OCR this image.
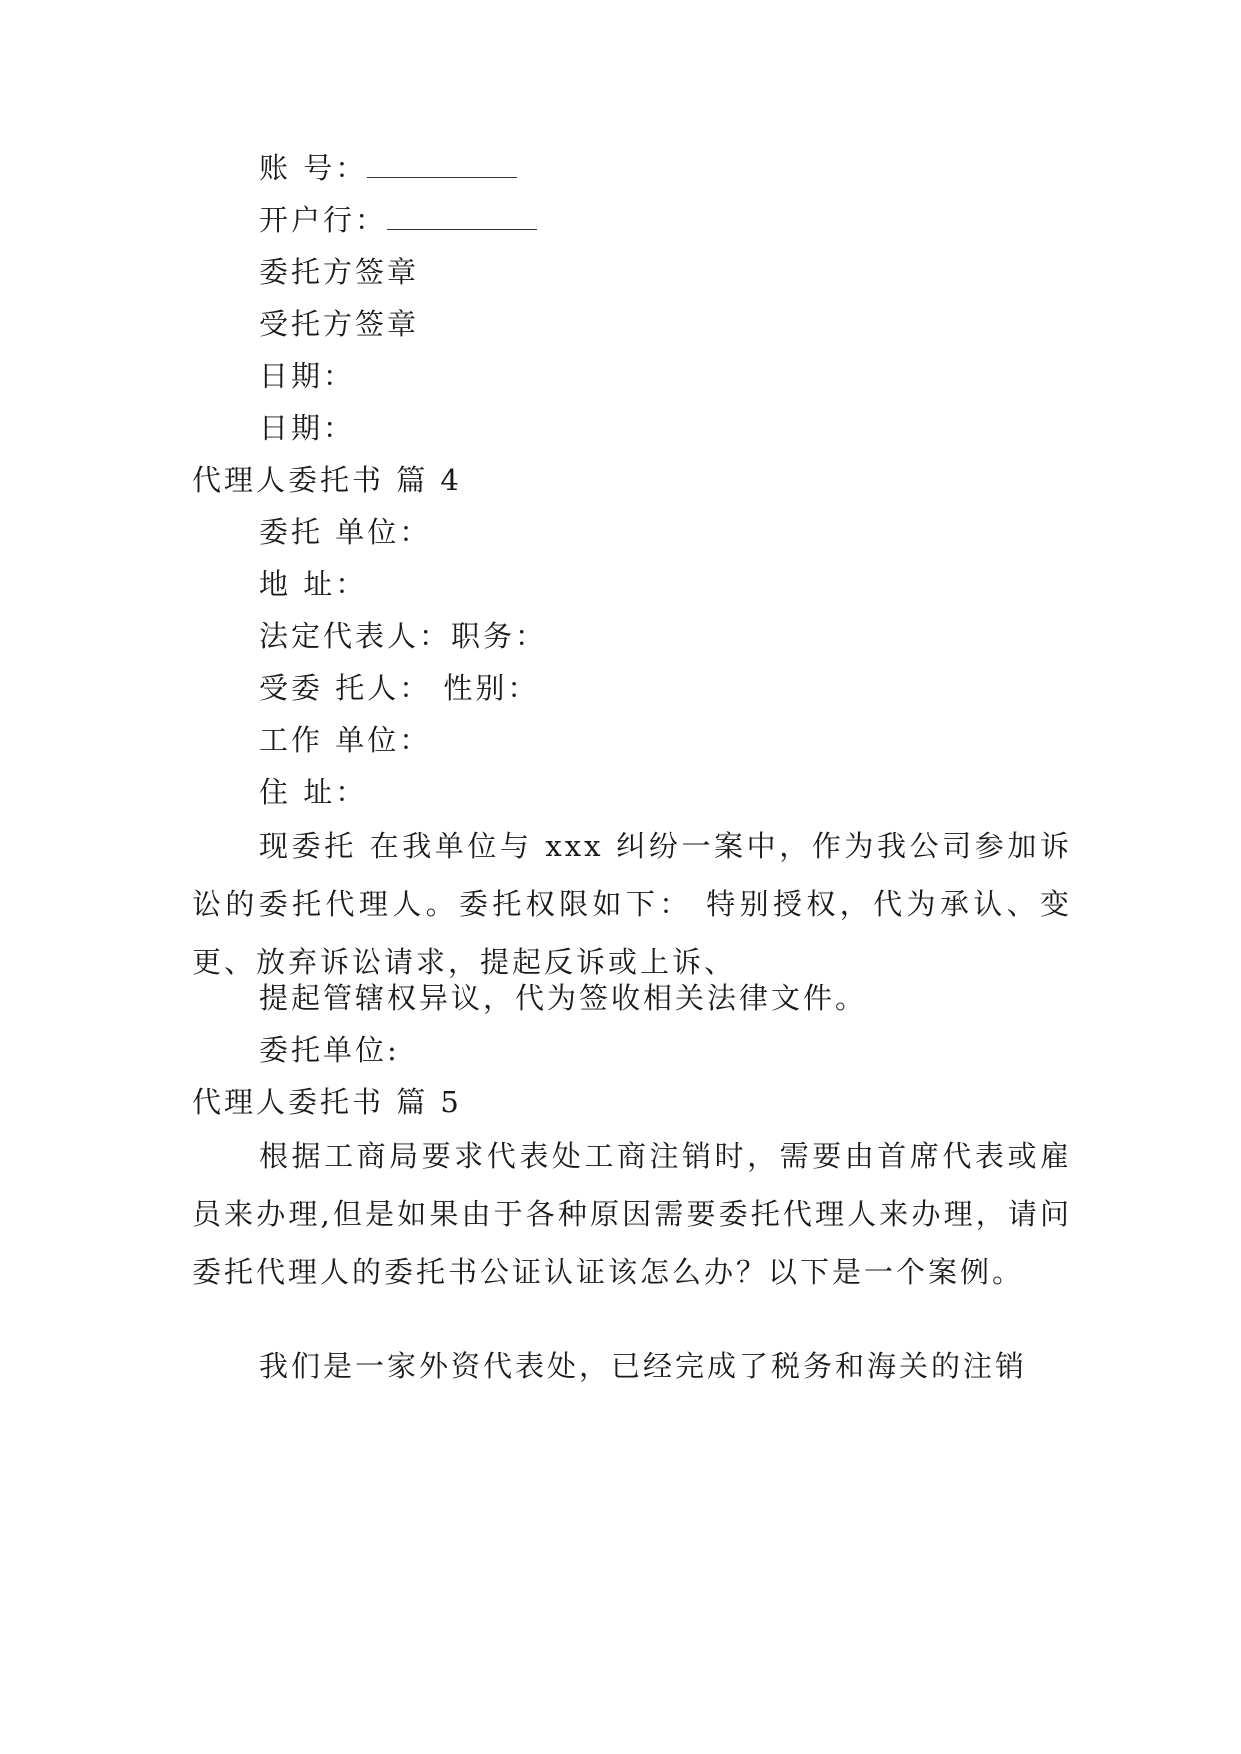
账 号：
开户行：
委托方签章
受托方签章
日期：
日期：
代理人委托书 篇 4
委托 单位：
地 址：
法定代表人：职务：
受委 托人： 性别：
工作 单位：
住 址：
现委托 在我单位与 xxx 纠纷一案中，作为我公司参加诉讼的委托代理人。委托权限如下： 特别授权，代为承认、变更、放弃诉讼请求，提起反诉或上诉、
提起管辖权异议，代为签收相关法律文件。
委托单位:
代理人委托书 篇 5
根据工商局要求代表处工商注销时，需要由首席代表或雇员来办理,但是如果由于各种原因需要委托代理人来办理，请问委托代理人的委托书公证认证该怎么办？以下是一个案例。
我们是一家外资代表处，已经完成了税务和海关的注销
